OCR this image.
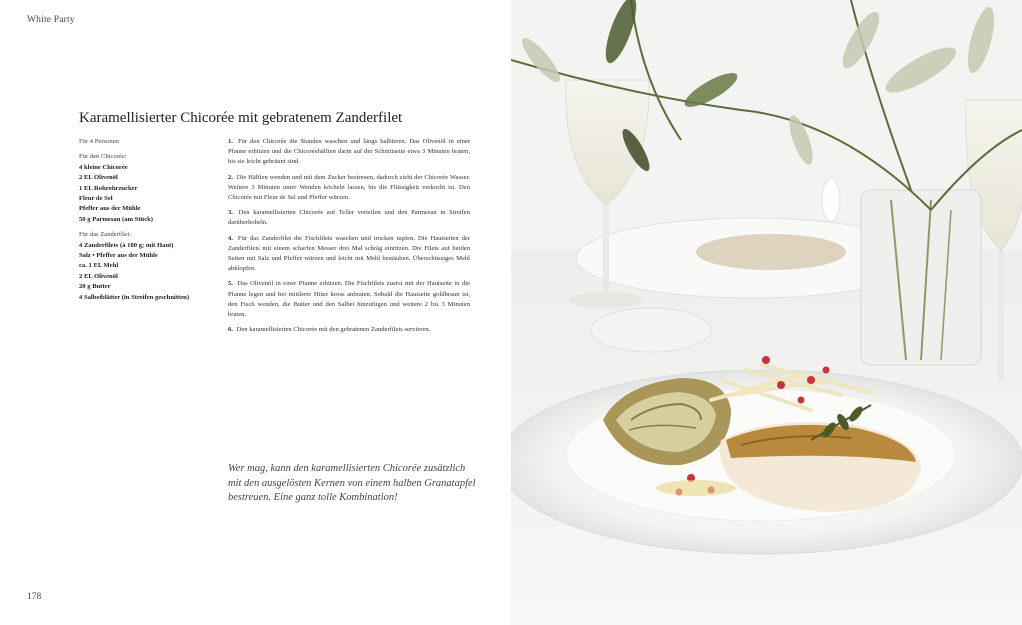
White Party
Karamellisierter Chicorée mit gebratenem Zanderfilet
Für 4 Personen
Für den Chicorée:
4 kleine Chicorée
2 EL Olivenöl
1 EL Rohrohrzucker
Fleur de Sel
Pfeffer aus der Mühle
50 g Parmesan (am Stück)
Für das Zanderfilet:
4 Zanderfilets (à 100 g; mit Haut)
Salz • Pfeffer aus der Mühle
ca. 1 EL Mehl
2 EL Olivenöl
20 g Butter
4 Salbeiblätter (in Streifen geschnitten)

1. Für den Chicorée die Stauden waschen und längs halbieren. Das Olivenöl in einer Pfanne erhitzen und die Chicoréehälften darin auf der Schnittseite etwa 3 Minuten braten, bis sie leicht gebräunt sind.

2. Die Hälften wenden und mit dem Zucker bestreuen, dadurch zieht der Chicorée Wasser. Weitere 3 Minuten unter Wenden köcheln lassen, bis die Flüssigkeit verkocht ist. Den Chicorée mit Fleur de Sel und Pfeffer würzen.

3. Den karamellisierten Chicorée auf Teller verteilen und den Parmesan in Streifen darüberhobeln.

4. Für das Zanderfilet die Fischfilets waschen und trocken tupfen. Die Hautseiten der Zanderfilets mit einem scharfen Messer drei Mal schräg einritzen. Die Filets auf beiden Seiten mit Salz und Pfeffer würzen und leicht mit Mehl bestäuben. Überschüssiges Mehl abklopfen.

5. Das Olivenöl in einer Pfanne erhitzen. Die Fischfilets zuerst mit der Hautseite in die Pfanne legen und bei mittlerer Hitze kross anbraten. Sobald die Hautseite goldbraun ist, den Fisch wenden, die Butter und den Salbei hinzufügen und weitere 2 bis 3 Minuten braten.

6. Den karamellisierten Chicorée mit den gebratenen Zanderfilets servieren.

Wer mag, kann den karamellisierten Chicorée zusätzlich mit den ausgelösten Kernen von einem halben Granatapfel bestreuen. Eine ganz tolle Kombination!
178
